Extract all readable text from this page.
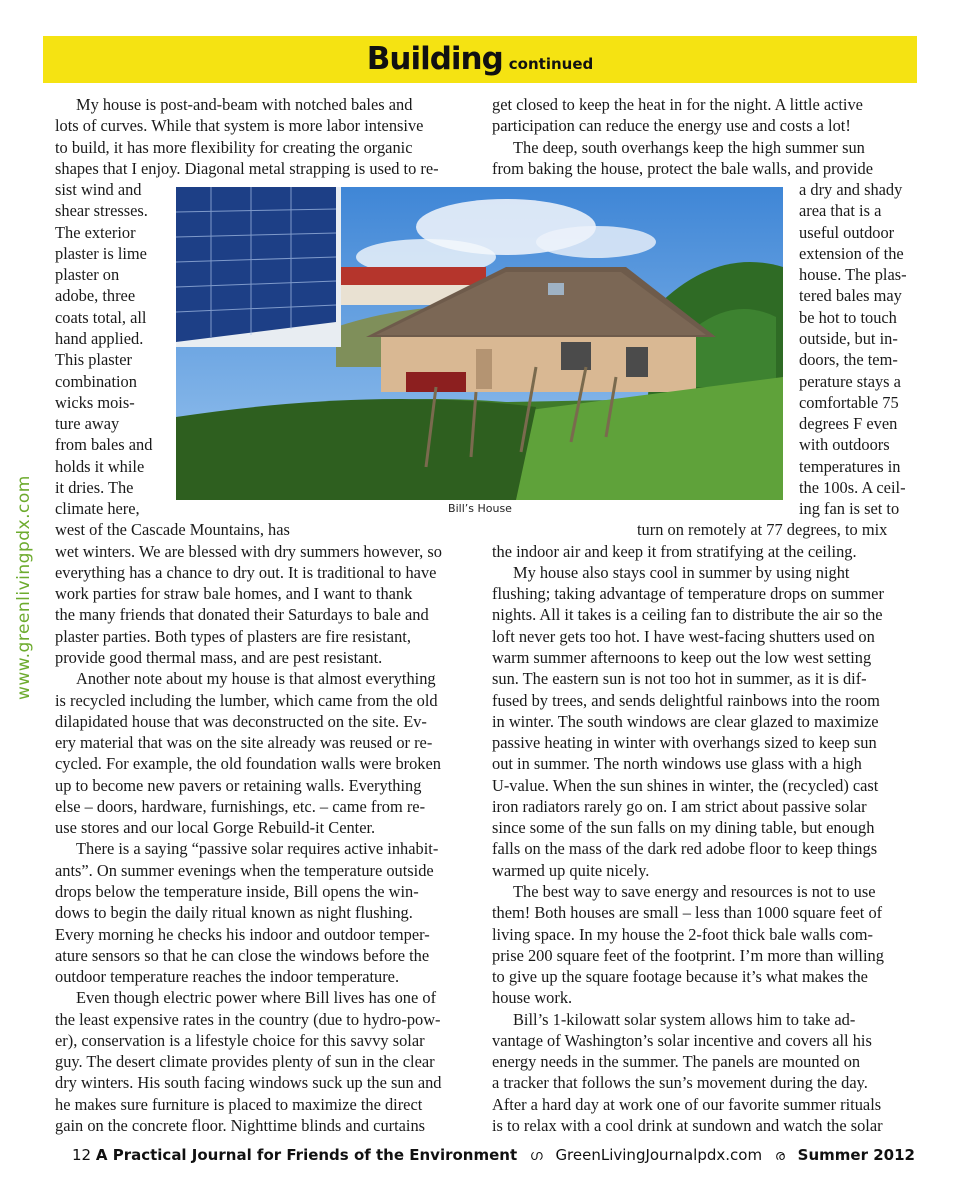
Building continued
www.greenlivingpdx.com	Bill’s House
My house is post-and-beam with notched bales and
lots of curves. While that system is more labor intensive
to build, it has more flexibility for creating the organic
shapes that I enjoy. Diagonal metal strapping is used to re-
sist wind and
shear stresses.
The exterior
plaster is lime
plaster on
adobe, three
coats total, all
hand applied.
This plaster
combination
wicks mois-
ture away
from bales and
holds it while
it dries. The
climate here,
west of the Cascade Mountains, has
wet winters. We are blessed with dry summers however, so
everything has a chance to dry out. It is traditional to have
work parties for straw bale homes, and I want to thank
the many friends that donated their Saturdays to bale and
plaster parties. Both types of plasters are fire resistant,
provide good thermal mass, and are pest resistant.
Another note about my house is that almost everything
is recycled including the lumber, which came from the old
dilapidated house that was deconstructed on the site. Ev-
ery material that was on the site already was reused or re-
cycled. For example, the old foundation walls were broken
up to become new pavers or retaining walls. Everything
else – doors, hardware, furnishings, etc. – came from re-
use stores and our local Gorge Rebuild-it Center.
There is a saying “passive solar requires active inhabit-
ants”. On summer evenings when the temperature outside
drops below the temperature inside, Bill opens the win-
dows to begin the daily ritual known as night flushing.
Every morning he checks his indoor and outdoor temper-
ature sensors so that he can close the windows before the
outdoor temperature reaches the indoor temperature.
Even though electric power where Bill lives has one of
the least expensive rates in the country (due to hydro-pow-
er), conservation is a lifestyle choice for this savvy solar
guy. The desert climate provides plenty of sun in the clear
dry winters. His south facing windows suck up the sun and
he makes sure furniture is placed to maximize the direct
gain on the concrete floor. Nighttime blinds and curtains
get closed to keep the heat in for the night. A little active
participation can reduce the energy use and costs a lot!
The deep, south overhangs keep the high summer sun
from baking the house, protect the bale walls, and provide
a dry and shady
area that is a
useful outdoor
extension of the
house. The plas-
tered bales may
be hot to touch
outside, but in-
doors, the tem-
perature stays a
comfortable 75
degrees F even
with outdoors
temperatures in
the 100s. A ceil-
ing fan is set to
turn on remotely at 77 degrees, to mix
the indoor air and keep it from stratifying at the ceiling.
My house also stays cool in summer by using night
flushing; taking advantage of temperature drops on summer
nights. All it takes is a ceiling fan to distribute the air so the
loft never gets too hot. I have west-facing shutters used on
warm summer afternoons to keep out the low west setting
sun. The eastern sun is not too hot in summer, as it is dif-
fused by trees, and sends delightful rainbows into the room
in winter. The south windows are clear glazed to maximize
passive heating in winter with overhangs sized to keep sun
out in summer. The north windows use glass with a high
U-value. When the sun shines in winter, the (recycled) cast
iron radiators rarely go on. I am strict about passive solar
since some of the sun falls on my dining table, but enough
falls on the mass of the dark red adobe floor to keep things
warmed up quite nicely.
The best way to save energy and resources is not to use
them! Both houses are small – less than 1000 square feet of
living space. In my house the 2-foot thick bale walls com-
prise 200 square feet of the footprint. I’m more than willing
to give up the square footage because it’s what makes the
house work.
Bill’s 1-kilowatt solar system allows him to take ad-
vantage of Washington’s solar incentive and covers all his
energy needs in the summer. The panels are mounted on
a tracker that follows the sun’s movement during the day.
After a hard day at work one of our favorite summer rituals
is to relax with a cool drink at sundown and watch the solar
12 A Practical Journal for Friends of the Environment ഗ GreenLivingJournalpdx.com ര Summer 2012
